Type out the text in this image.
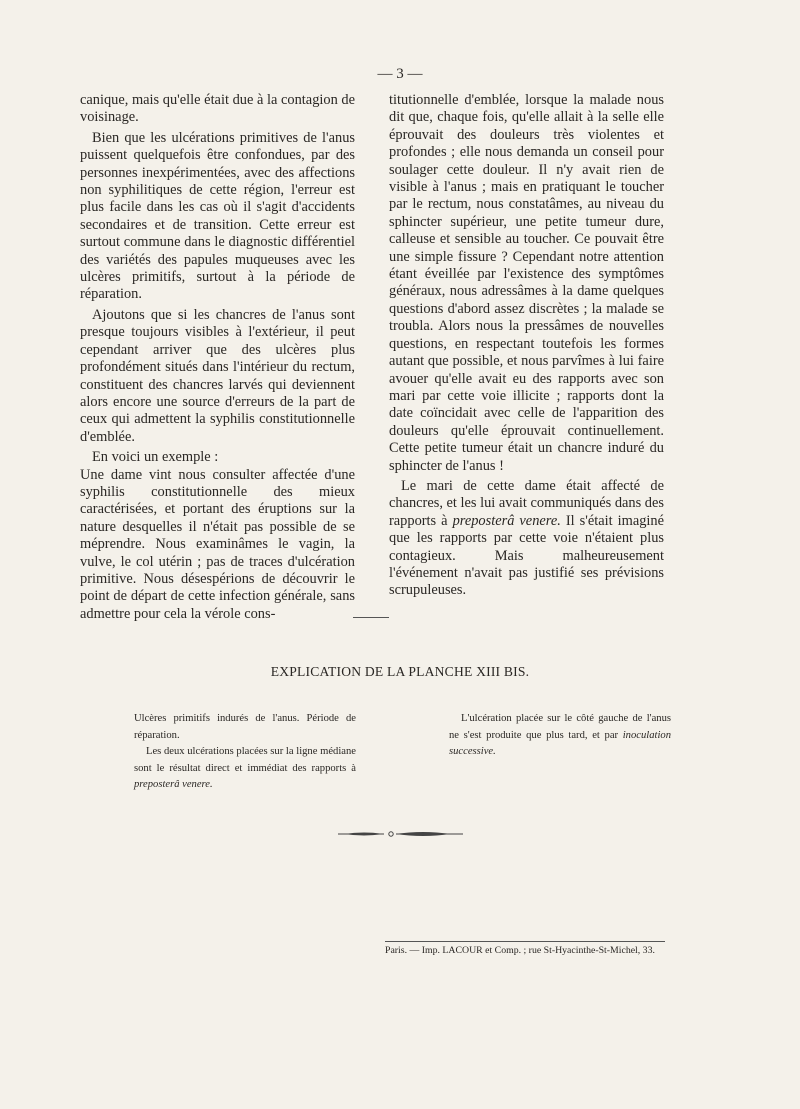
— 3 —

canique, mais qu'elle était due à la contagion de voisinage.

Bien que les ulcérations primitives de l'anus puissent quelquefois être confondues, par des personnes inexpérimentées, avec des affections non syphilitiques de cette région, l'erreur est plus facile dans les cas où il s'agit d'accidents secondaires et de transition. Cette erreur est surtout commune dans le diagnostic différentiel des variétés des papules muqueuses avec les ulcères primitifs, surtout à la période de réparation.

Ajoutons que si les chancres de l'anus sont presque toujours visibles à l'extérieur, il peut cependant arriver que des ulcères plus profondément situés dans l'intérieur du rectum, constituent des chancres larvés qui deviennent alors encore une source d'erreurs de la part de ceux qui admettent la syphilis constitutionnelle d'emblée.

En voici un exemple :

Une dame vint nous consulter affectée d'une syphilis constitutionnelle des mieux caractérisées, et portant des éruptions sur la nature desquelles il n'était pas possible de se méprendre. Nous examinâmes le vagin, la vulve, le col utérin ; pas de traces d'ulcération primitive. Nous désespérions de découvrir le point de départ de cette infection générale, sans admettre pour cela la vérole cons-

titutionnelle d'emblée, lorsque la malade nous dit que, chaque fois, qu'elle allait à la selle elle éprouvait des douleurs très violentes et profondes ; elle nous demanda un conseil pour soulager cette douleur. Il n'y avait rien de visible à l'anus ; mais en pratiquant le toucher par le rectum, nous constatâmes, au niveau du sphincter supérieur, une petite tumeur dure, calleuse et sensible au toucher. Ce pouvait être une simple fissure ? Cependant notre attention étant éveillée par l'existence des symptômes généraux, nous adressâmes à la dame quelques questions d'abord assez discrètes ; la malade se troubla. Alors nous la pressâmes de nouvelles questions, en respectant toutefois les formes autant que possible, et nous parvîmes à lui faire avouer qu'elle avait eu des rapports avec son mari par cette voie illicite ; rapports dont la date coïncidait avec celle de l'apparition des douleurs qu'elle éprouvait continuellement. Cette petite tumeur était un chancre induré du sphincter de l'anus !

Le mari de cette dame était affecté de chancres, et les lui avait communiqués dans des rapports à preposterâ venere. Il s'était imaginé que les rapports par cette voie n'étaient plus contagieux. Mais malheureusement l'événement n'avait pas justifié ses prévisions scrupuleuses.

EXPLICATION DE LA PLANCHE XIII BIS.

Ulcères primitifs indurés de l'anus. Période de réparation.

Les deux ulcérations placées sur la ligne médiane sont le résultat direct et immédiat des rapports à preposterâ venere.

L'ulcération placée sur le côté gauche de l'anus ne s'est produite que plus tard, et par inoculation successive.

Paris. — Imp. LACOUR et Comp. ; rue St-Hyacinthe-St-Michel, 33.
